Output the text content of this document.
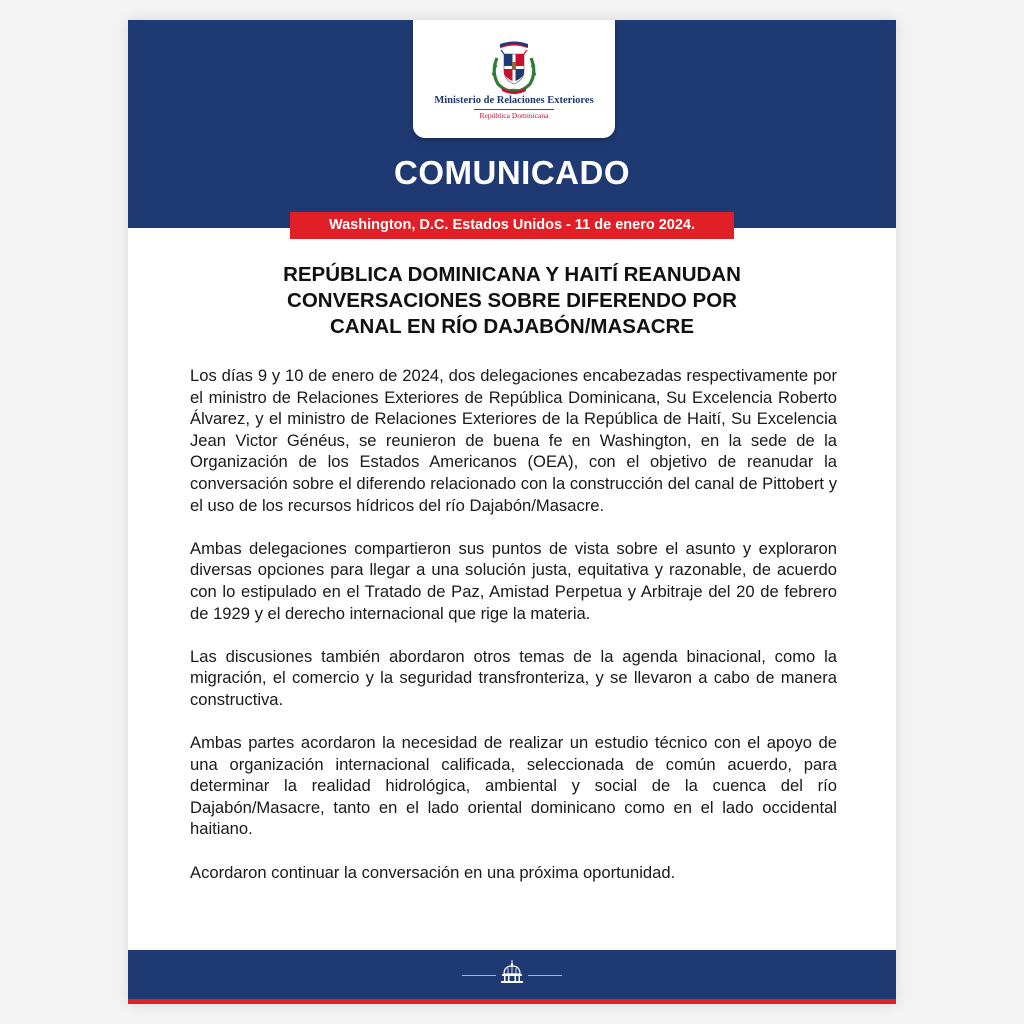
Ministerio de Relaciones Exteriores
República Dominicana
COMUNICADO
Washington, D.C. Estados Unidos - 11 de enero 2024.
REPÚBLICA DOMINICANA Y HAITÍ REANUDAN
CONVERSACIONES SOBRE DIFERENDO POR
CANAL EN RÍO DAJABÓN/MASACRE

Los días 9 y 10 de enero de 2024, dos delegaciones encabezadas respectivamente por el ministro de Relaciones Exteriores de República Dominicana, Su Excelencia Roberto Álvarez, y el ministro de Relaciones Exteriores de la República de Haití, Su Excelencia Jean Victor Généus, se reunieron de buena fe en Washington, en la sede de la Organización de los Estados Americanos (OEA), con el objetivo de reanudar la conversación sobre el diferendo relacionado con la construcción del canal de Pittobert y el uso de los recursos hídricos del río Dajabón/Masacre.

Ambas delegaciones compartieron sus puntos de vista sobre el asunto y exploraron diversas opciones para llegar a una solución justa, equitativa y razonable, de acuerdo con lo estipulado en el Tratado de Paz, Amistad Perpetua y Arbitraje del 20 de febrero de 1929 y el derecho internacional que rige la materia.

Las discusiones también abordaron otros temas de la agenda binacional, como la migración, el comercio y la seguridad transfronteriza, y se llevaron a cabo de manera constructiva.

Ambas partes acordaron la necesidad de realizar un estudio técnico con el apoyo de una organización internacional calificada, seleccionada de común acuerdo, para determinar la realidad hidrológica, ambiental y social de la cuenca del río Dajabón/Masacre, tanto en el lado oriental dominicano como en el lado occidental haitiano.

Acordaron continuar la conversación en una próxima oportunidad.
